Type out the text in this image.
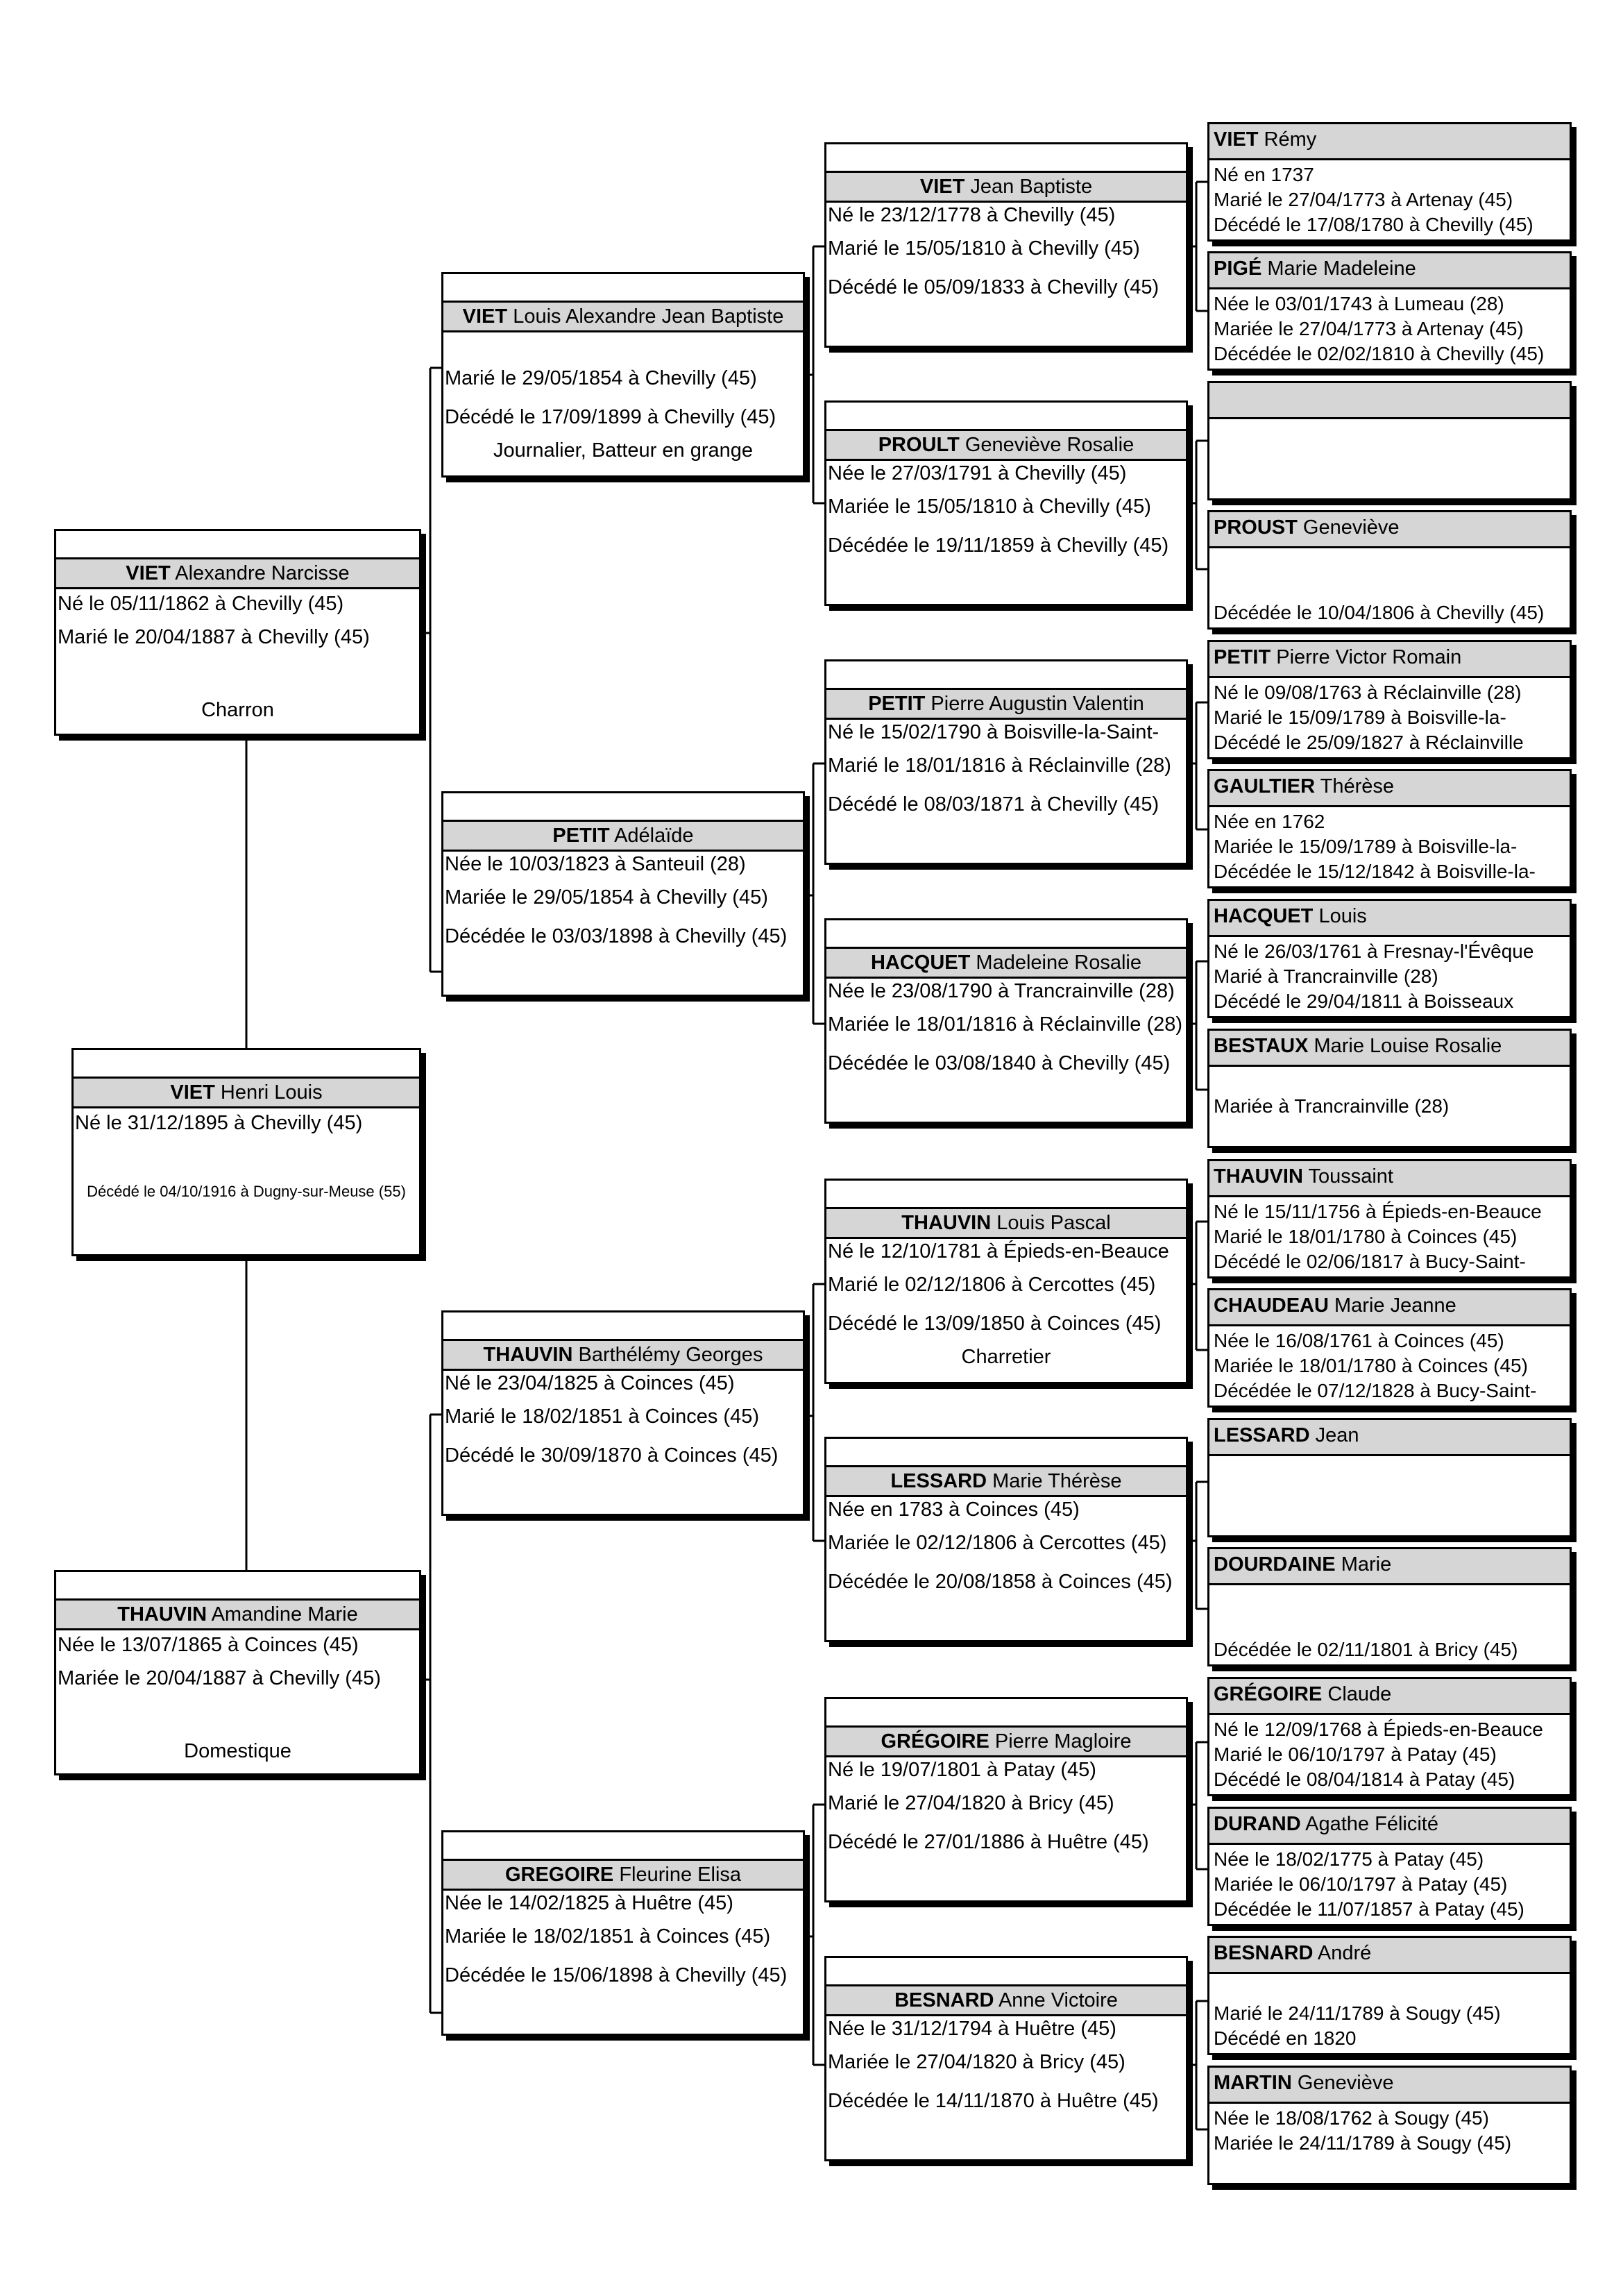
VIET Henri Louis
Né le 31/12/1895 à Chevilly (45)
Décédé le 04/10/1916 à Dugny-sur-Meuse (55)
VIET Alexandre Narcisse
Né le 05/11/1862 à Chevilly (45)
Marié le 20/04/1887 à Chevilly (45)
Charron
THAUVIN Amandine Marie
Née le 13/07/1865 à Coinces (45)
Mariée le 20/04/1887 à Chevilly (45)
Domestique
VIET Louis Alexandre Jean Baptiste
Marié le 29/05/1854 à Chevilly (45)
Décédé le 17/09/1899 à Chevilly (45)
Journalier, Batteur en grange
PETIT Adélaïde
Née le 10/03/1823 à Santeuil (28)
Mariée le 29/05/1854 à Chevilly (45)
Décédée le 03/03/1898 à Chevilly (45)
THAUVIN Barthélémy Georges
Né le 23/04/1825 à Coinces (45)
Marié le 18/02/1851 à Coinces (45)
Décédé le 30/09/1870 à Coinces (45)
GREGOIRE Fleurine Elisa
Née le 14/02/1825 à Huêtre (45)
Mariée le 18/02/1851 à Coinces (45)
Décédée le 15/06/1898 à Chevilly (45)
VIET Jean Baptiste
Né le 23/12/1778 à Chevilly (45)
Marié le 15/05/1810 à Chevilly (45)
Décédé le 05/09/1833 à Chevilly (45)
PROULT Geneviève Rosalie
Née le 27/03/1791 à Chevilly (45)
Mariée le 15/05/1810 à Chevilly (45)
Décédée le 19/11/1859 à Chevilly (45)
PETIT Pierre Augustin Valentin
Né le 15/02/1790 à Boisville-la-Saint-
Marié le 18/01/1816 à Réclainville (28)
Décédé le 08/03/1871 à Chevilly (45)
HACQUET Madeleine Rosalie
Née le 23/08/1790 à Trancrainville (28)
Mariée le 18/01/1816 à Réclainville (28)
Décédée le 03/08/1840 à Chevilly (45)
THAUVIN Louis Pascal
Né le 12/10/1781 à Épieds-en-Beauce
Marié le 02/12/1806 à Cercottes (45)
Décédé le 13/09/1850 à Coinces (45)
Charretier
LESSARD Marie Thérèse
Née en 1783 à Coinces (45)
Mariée le 02/12/1806 à Cercottes (45)
Décédée le 20/08/1858 à Coinces (45)
GRÉGOIRE Pierre Magloire
Né le 19/07/1801 à Patay (45)
Marié le 27/04/1820 à Bricy (45)
Décédé le 27/01/1886 à Huêtre (45)
BESNARD Anne Victoire
Née le 31/12/1794 à Huêtre (45)
Mariée le 27/04/1820 à Bricy (45)
Décédée le 14/11/1870 à Huêtre (45)
VIET Rémy
Né en 1737
Marié le 27/04/1773 à Artenay (45)
Décédé le 17/08/1780 à Chevilly (45)
PIGÉ Marie Madeleine
Née le 03/01/1743 à Lumeau (28)
Mariée le 27/04/1773 à Artenay (45)
Décédée le 02/02/1810 à Chevilly (45)
PROUST Geneviève
Décédée le 10/04/1806 à Chevilly (45)
PETIT Pierre Victor Romain
Né le 09/08/1763 à Réclainville (28)
Marié le 15/09/1789 à Boisville-la-
Décédé le 25/09/1827 à Réclainville
GAULTIER Thérèse
Née en 1762
Mariée le 15/09/1789 à Boisville-la-
Décédée le 15/12/1842 à Boisville-la-
HACQUET Louis
Né le 26/03/1761 à Fresnay-l'Évêque
Marié à Trancrainville (28)
Décédé le 29/04/1811 à Boisseaux
BESTAUX Marie Louise Rosalie
Mariée à Trancrainville (28)
THAUVIN Toussaint
Né le 15/11/1756 à Épieds-en-Beauce
Marié le 18/01/1780 à Coinces (45)
Décédé le 02/06/1817 à Bucy-Saint-
CHAUDEAU Marie Jeanne
Née le 16/08/1761 à Coinces (45)
Mariée le 18/01/1780 à Coinces (45)
Décédée le 07/12/1828 à Bucy-Saint-
LESSARD Jean
DOURDAINE Marie
Décédée le 02/11/1801 à Bricy (45)
GRÉGOIRE Claude
Né le 12/09/1768 à Épieds-en-Beauce
Marié le 06/10/1797 à Patay (45)
Décédé le 08/04/1814 à Patay (45)
DURAND Agathe Félicité
Née le 18/02/1775 à Patay (45)
Mariée le 06/10/1797 à Patay (45)
Décédée le 11/07/1857 à Patay (45)
BESNARD André
Marié le 24/11/1789 à Sougy (45)
Décédé en 1820
MARTIN Geneviève
Née le 18/08/1762 à Sougy (45)
Mariée le 24/11/1789 à Sougy (45)
